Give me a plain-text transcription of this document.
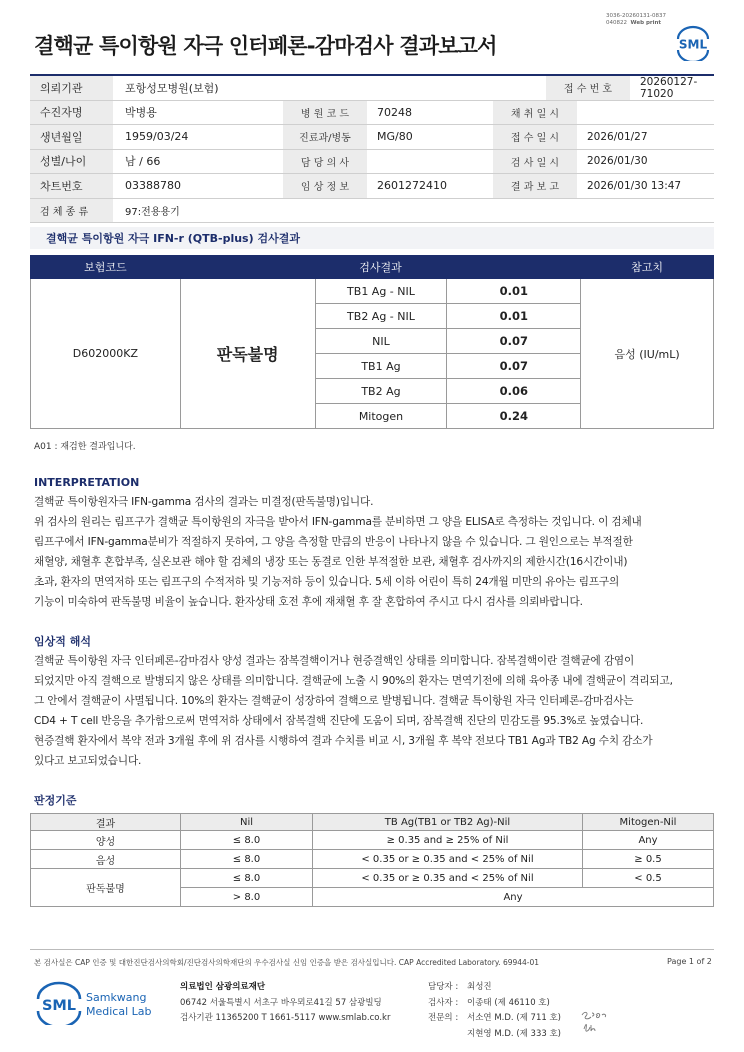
3036-20260131-0837
040822 Web print
결핵균 특이항원 자극 인터페론-감마검사 결과보고서	SML
의뢰기관	포항성모병원(보험)	접 수 번 호
20260127-71020
수진자명	박병용	병 원 코 드	70248	채 취 일 시
생년월일	1959/03/24	진료과/병동	MG/80	접 수 일 시	2026/01/27
성별/나이	남 / 66	담 당 의 사	검 사 일 시	2026/01/30
차트번호	03388780	임 상 정 보	2601272410	결 과 보 고	2026/01/30 13:47
검 체 종 류	97:전용용기
결핵균 특이항원 자극 IFN-r (QTB-plus) 검사결과
보험코드	검사결과			참고치
D602000KZ	판독불명	TB1 Ag - NIL	0.01	음성 (IU/mL)
		TB2 Ag - NIL	0.01	
		NIL	0.07	
		TB1 Ag	0.07	
		TB2 Ag	0.06	
		Mitogen	0.24	
A01 : 재검한 결과입니다.
INTERPRETATION
결핵균 특이항원자극 IFN-gamma 검사의 결과는 미결정(판독불명)입니다.
위 검사의 원리는 림프구가 결핵균 특이항원의 자극을 받아서 IFN-gamma를 분비하면 그 양을 ELISA로 측정하는 것입니다. 이 검체내
림프구에서 IFN-gamma분비가 적절하지 못하여, 그 양을 측정할 만큼의 반응이 나타나지 않을 수 있습니다. 그 원인으로는 부적절한
채혈양, 채혈후 혼합부족, 실온보관 해야 할 검체의 냉장 또는 동결로 인한 부적절한 보관, 채혈후 검사까지의 제한시간(16시간이내)
초과, 환자의 면역저하 또는 림프구의 수적저하 및 기능저하 등이 있습니다. 5세 이하 어린이 특히 24개월 미만의 유아는 림프구의
기능이 미숙하여 판독불명 비율이 높습니다. 환자상태 호전 후에 재채혈 후 잘 혼합하여 주시고 다시 검사를 의뢰바랍니다.
임상적 해석
결핵균 특이항원 자극 인터페론-감마검사 양성 결과는 잠복결핵이거나 현증결핵인 상태를 의미합니다. 잠복결핵이란 결핵균에 감염이
되었지만 아직 결핵으로 발병되지 않은 상태를 의미합니다. 결핵균에 노출 시 90%의 환자는 면역기전에 의해 육아종 내에 결핵균이 격리되고,
그 안에서 결핵균이 사멸됩니다. 10%의 환자는 결핵균이 성장하여 결핵으로 발병됩니다. 결핵균 특이항원 자극 인터페론-감마검사는
CD4 + T cell 반응을 추가함으로써 면역저하 상태에서 잠복결핵 진단에 도움이 되며, 잠복결핵 진단의 민감도를 95.3%로 높였습니다.
현증결핵 환자에서 복약 전과 3개월 후에 위 검사를 시행하여 결과 수치를 비교 시, 3개월 후 복약 전보다 TB1 Ag과 TB2 Ag 수치 감소가
있다고 보고되었습니다.
판정기준
결과	Nil	TB Ag(TB1 or TB2 Ag)-Nil	Mitogen-Nil
양성	≤ 8.0	≥ 0.35 and ≥ 25% of Nil	Any
음성	≤ 8.0	< 0.35 or ≥ 0.35 and < 25% of Nil	≥ 0.5
판독불명	≤ 8.0	< 0.35 or ≥ 0.35 and < 25% of Nil	< 0.5
	> 8.0	Any	
본 검사실은 CAP 인증 및 대한진단검사의학회/진단검사의학재단의 우수검사실 신임 인증을 받은 검사실입니다. CAP Accredited Laboratory. 69944-01	Page 1 of 2
SML
Samkwang
Medical Lab
의료법인 삼광의료재단
06742 서울특별시 서초구 바우뫼로41길 57 삼광빌딩
검사기관 11365200 T 1661-5117 www.smlab.co.kr
담당자 :	최성진
검사자 :	이종태 (제 46110 호)
전문의 :	서소연 M.D. (제 711 호)
지현영 M.D. (제 333 호)
